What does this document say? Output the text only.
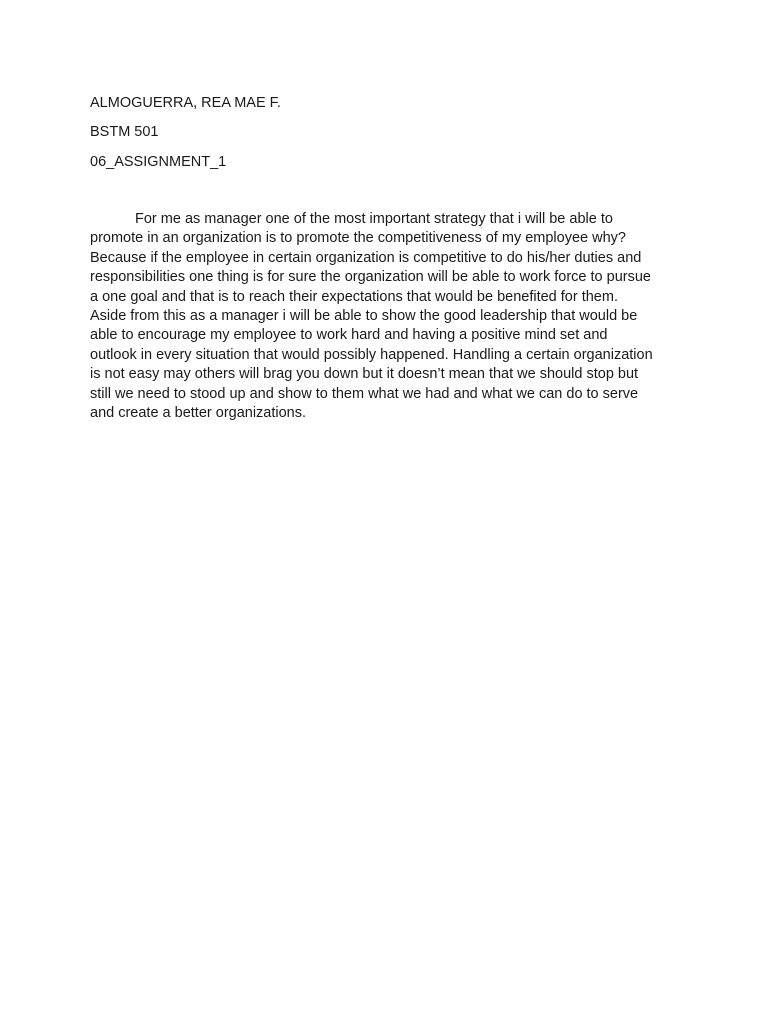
ALMOGUERRA, REA MAE F.

BSTM 501

06_ASSIGNMENT_1

For me as manager one of the most important strategy that i will be able to
promote in an organization is to promote the competitiveness of my employee why?
Because if the employee in certain organization is competitive to do his/her duties and
responsibilities one thing is for sure the organization will be able to work force to pursue
a one goal and that is to reach their expectations that would be benefited for them.
Aside from this as a manager i will be able to show the good leadership that would be
able to encourage my employee to work hard and having a positive mind set and
outlook in every situation that would possibly happened. Handling a certain organization
is not easy may others will brag you down but it doesn’t mean that we should stop but
still we need to stood up and show to them what we had and what we can do to serve
and create a better organizations.
